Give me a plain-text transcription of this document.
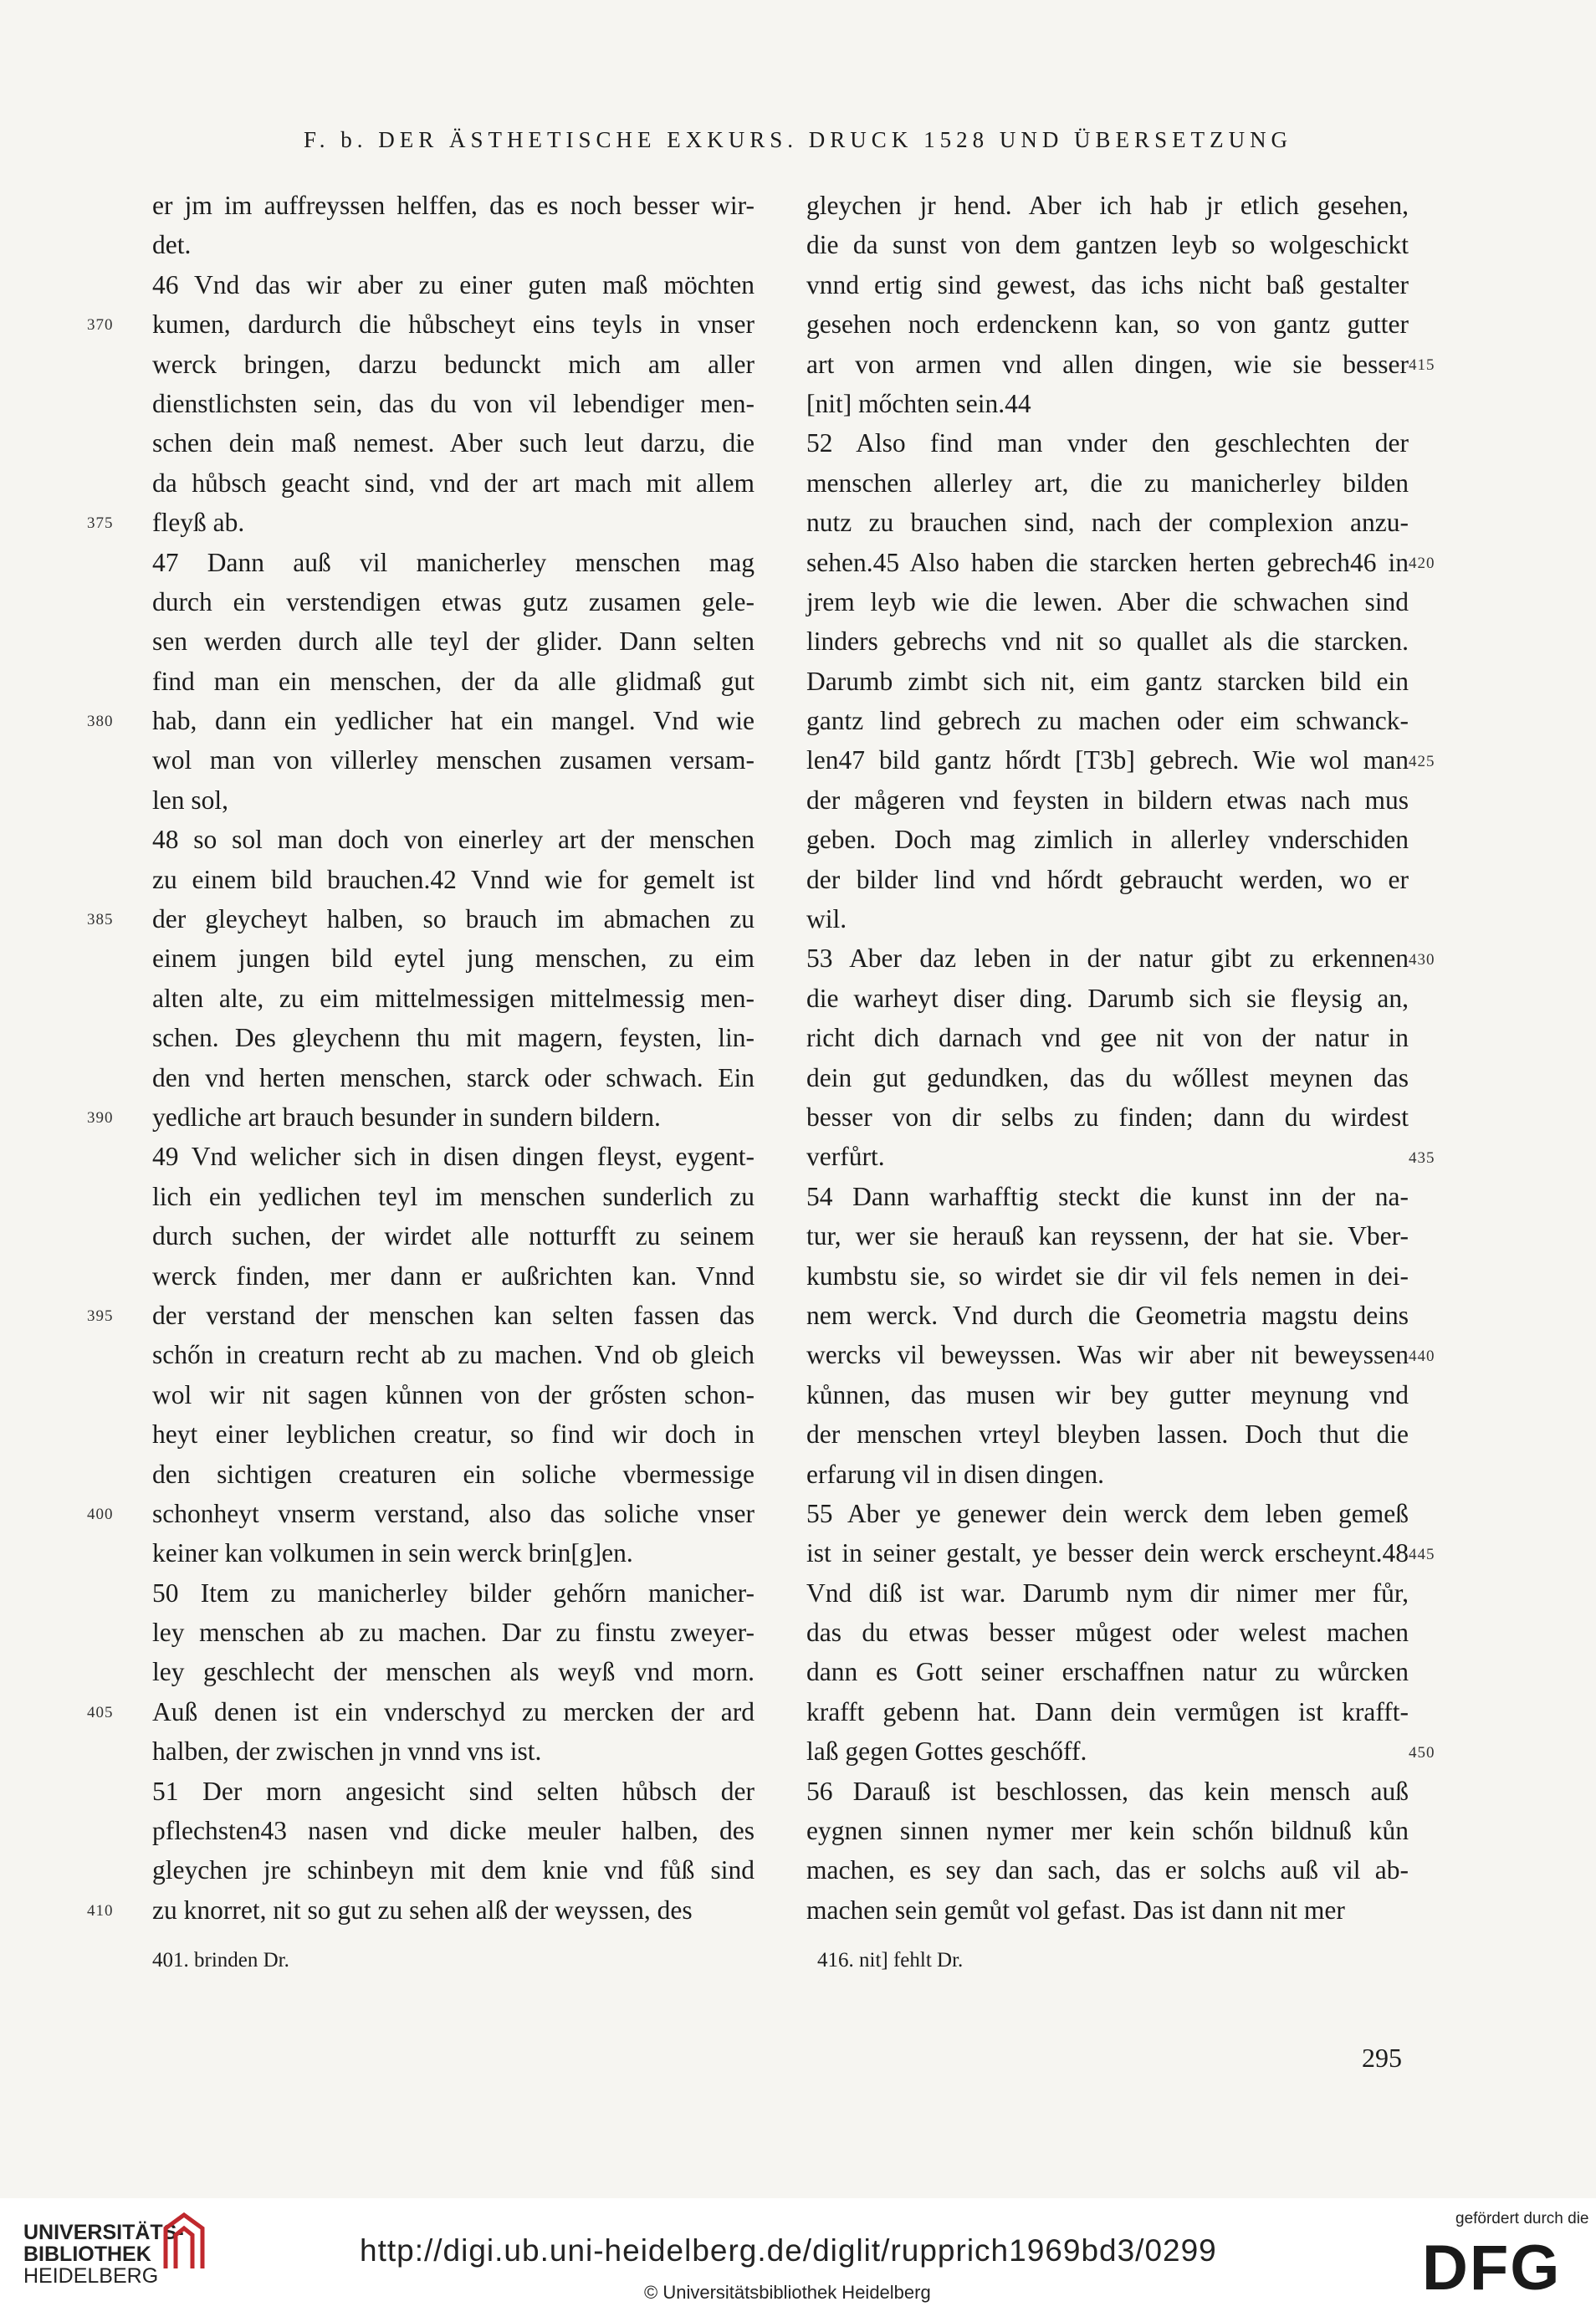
F. b. DER ÄSTHETISCHE EXKURS. DRUCK 1528 UND ÜBERSETZUNG
er jm im auffreyssen helffen, das es noch besser wir-
det.
46 Vnd das wir aber zu einer guten maß möchten
kumen, dardurch die hůbscheyt eins teyls in vnser
werck bringen, darzu bedunckt mich am aller
dienstlichsten sein, das du von vil lebendiger men-
schen dein maß nemest. Aber such leut darzu, die
da hůbsch geacht sind, vnd der art mach mit allem
fleyß ab.
47 Dann auß vil manicherley menschen mag
durch ein verstendigen etwas gutz zusamen gele-
sen werden durch alle teyl der glider. Dann selten
find man ein menschen, der da alle glidmaß gut
hab, dann ein yedlicher hat ein mangel. Vnd wie
wol man von villerley menschen zusamen versam-
len sol,
48 so sol man doch von einerley art der menschen
zu einem bild brauchen.42 Vnnd wie for gemelt ist
der gleycheyt halben, so brauch im abmachen zu
einem jungen bild eytel jung menschen, zu eim
alten alte, zu eim mittelmessigen mittelmessig men-
schen. Des gleychenn thu mit magern, feysten, lin-
den vnd herten menschen, starck oder schwach. Ein
yedliche art brauch besunder in sundern bildern.
49 Vnd welicher sich in disen dingen fleyst, eygent-
lich ein yedlichen teyl im menschen sunderlich zu
durch suchen, der wirdet alle notturfft zu seinem
werck finden, mer dann er außrichten kan. Vnnd
der verstand der menschen kan selten fassen das
schőn in creaturn recht ab zu machen. Vnd ob gleich
wol wir nit sagen kůnnen von der grősten schon-
heyt einer leyblichen creatur, so find wir doch in
den sichtigen creaturen ein soliche vbermessige
schonheyt vnserm verstand, also das soliche vnser
keiner kan volkumen in sein werck brin[g]en.
50 Item zu manicherley bilder gehőrn manicher-
ley menschen ab zu machen. Dar zu finstu zweyer-
ley geschlecht der menschen als weyß vnd morn.
Auß denen ist ein vnderschyd zu mercken der ard
halben, der zwischen jn vnnd vns ist.
51 Der morn angesicht sind selten hůbsch der
pflechsten43 nasen vnd dicke meuler halben, des
gleychen jre schinbeyn mit dem knie vnd fůß sind
zu knorret, nit so gut zu sehen alß der weyssen, des
gleychen jr hend. Aber ich hab jr etlich gesehen,
die da sunst von dem gantzen leyb so wolgeschickt
vnnd ertig sind gewest, das ichs nicht baß gestalter
gesehen noch erdenckenn kan, so von gantz gutter
art von armen vnd allen dingen, wie sie besser
[nit] mőchten sein.44
52 Also find man vnder den geschlechten der
menschen allerley art, die zu manicherley bilden
nutz zu brauchen sind, nach der complexion anzu-
sehen.45 Also haben die starcken herten gebrech46 in
jrem leyb wie die lewen. Aber die schwachen sind
linders gebrechs vnd nit so quallet als die starcken.
Darumb zimbt sich nit, eim gantz starcken bild ein
gantz lind gebrech zu machen oder eim schwanck-
len47 bild gantz hőrdt [T3b] gebrech. Wie wol man
der mågeren vnd feysten in bildern etwas nach mus
geben. Doch mag zimlich in allerley vnderschiden
der bilder lind vnd hőrdt gebraucht werden, wo er
wil.
53 Aber daz leben in der natur gibt zu erkennen
die warheyt diser ding. Darumb sich sie fleysig an,
richt dich darnach vnd gee nit von der natur in
dein gut gedundken, das du wőllest meynen das
besser von dir selbs zu finden; dann du wirdest
verfůrt.
54 Dann warhafftig steckt die kunst inn der na-
tur, wer sie herauß kan reyssenn, der hat sie. Vber-
kumbstu sie, so wirdet sie dir vil fels nemen in dei-
nem werck. Vnd durch die Geometria magstu deins
wercks vil beweyssen. Was wir aber nit beweyssen
kůnnen, das musen wir bey gutter meynung vnd
der menschen vrteyl bleyben lassen. Doch thut die
erfarung vil in disen dingen.
55 Aber ye genewer dein werck dem leben gemeß
ist in seiner gestalt, ye besser dein werck erscheynt.48
Vnd diß ist war. Darumb nym dir nimer mer fůr,
das du etwas besser můgest oder welest machen
dann es Gott seiner erschaffnen natur zu wůrcken
krafft gebenn hat. Dann dein vermůgen ist krafft-
laß gegen Gottes geschőff.
56 Darauß ist beschlossen, das kein mensch auß
eygnen sinnen nymer mer kein schőn bildnuß kůn
machen, es sey dan sach, das er solchs auß vil ab-
machen sein gemůt vol gefast. Das ist dann nit mer
370
375
380
385
390
395
400
405
410
415
420
425
430
435
440
445
450
401. brinden Dr.	416. nit] fehlt Dr.
295
UNIVERSITÄTS-
BIBLIOTHEK
HEIDELBERG
http://digi.ub.uni-heidelberg.de/diglit/rupprich1969bd3/0299
© Universitätsbibliothek Heidelberg
gefördert durch die
DFG
